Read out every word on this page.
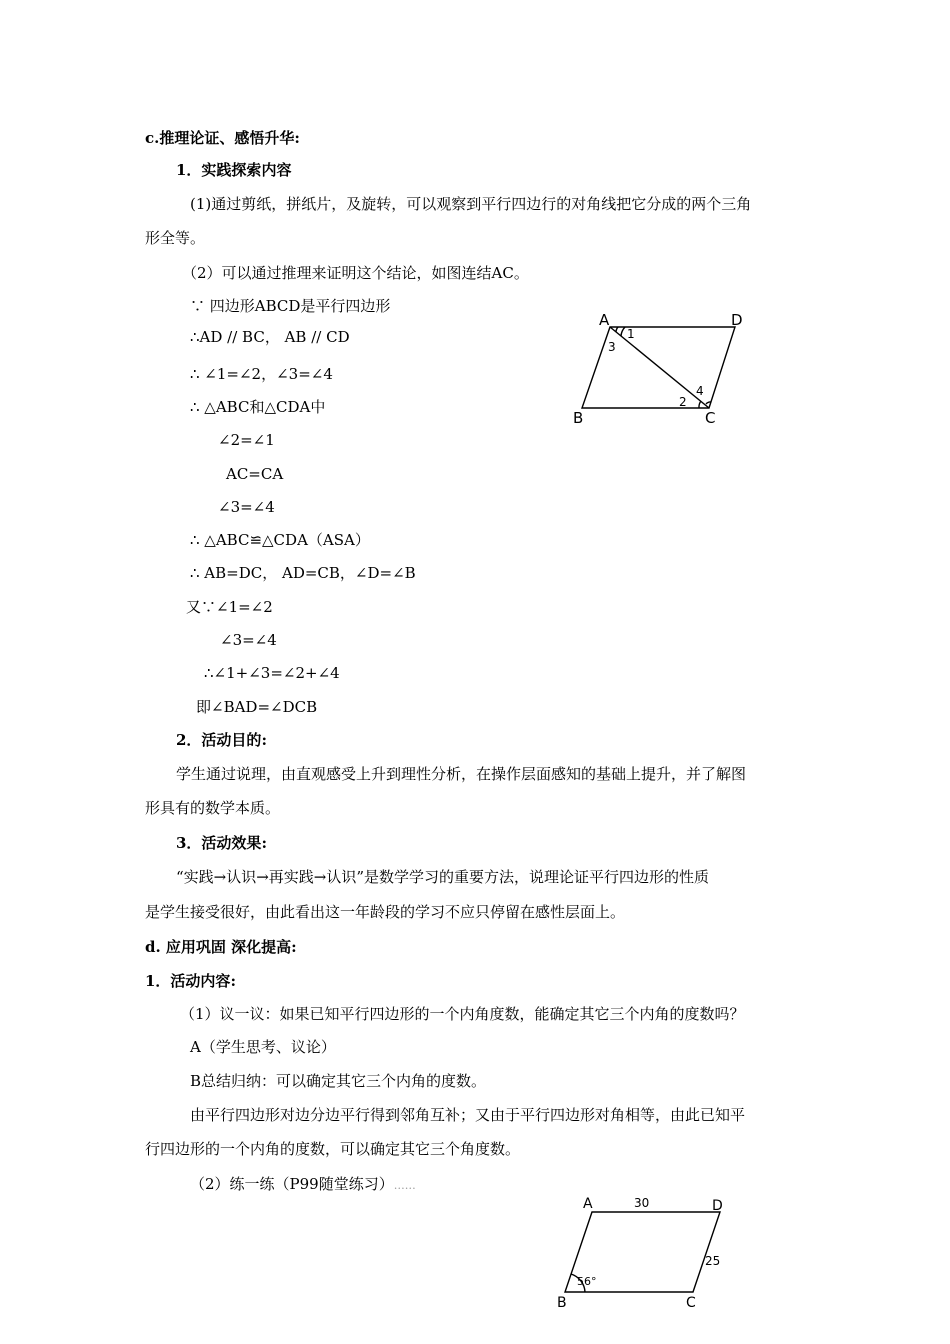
c.推理论证、感悟升华:
1．实践探索内容
(1)通过剪纸，拼纸片，及旋转，可以观察到平行四边行的对角线把它分成的两个三角
形全等。
（2）可以通过推理来证明这个结论，如图连结AC。
∵ 四边形ABCD是平行四边形
∴AD // BC， AB // CD
∴ ∠1=∠2，∠3=∠4
∴ △ABC和△CDA中
∠2=∠1
AC=CA
∠3=∠4
∴ △ABC≌△CDA（ASA）
∴ AB=DC， AD=CB，∠D=∠B
又∵∠1=∠2
∠3=∠4
∴∠1+∠3=∠2+∠4
即∠BAD=∠DCB
A	D
B	C
1
3
4
2
2．活动目的:
学生通过说理，由直观感受上升到理性分析，在操作层面感知的基础上提升，并了解图
形具有的数学本质。
3．活动效果:
“实践→认识→再实践→认识”是数学学习的重要方法，说理论证平行四边形的性质
是学生接受很好，由此看出这一年龄段的学习不应只停留在感性层面上。
d. 应用巩固 深化提高:
1．活动内容:
（1）议一议：如果已知平行四边形的一个内角度数，能确定其它三个内角的度数吗？
A（学生思考、议论）
B总结归纳：可以确定其它三个内角的度数。
由平行四边形对边分边平行得到邻角互补；又由于平行四边形对角相等，由此已知平
行四边形的一个内角的度数，可以确定其它三个角度数。
（2）练一练（P99随堂练习）……
A	D
B	C
30
25
56°
